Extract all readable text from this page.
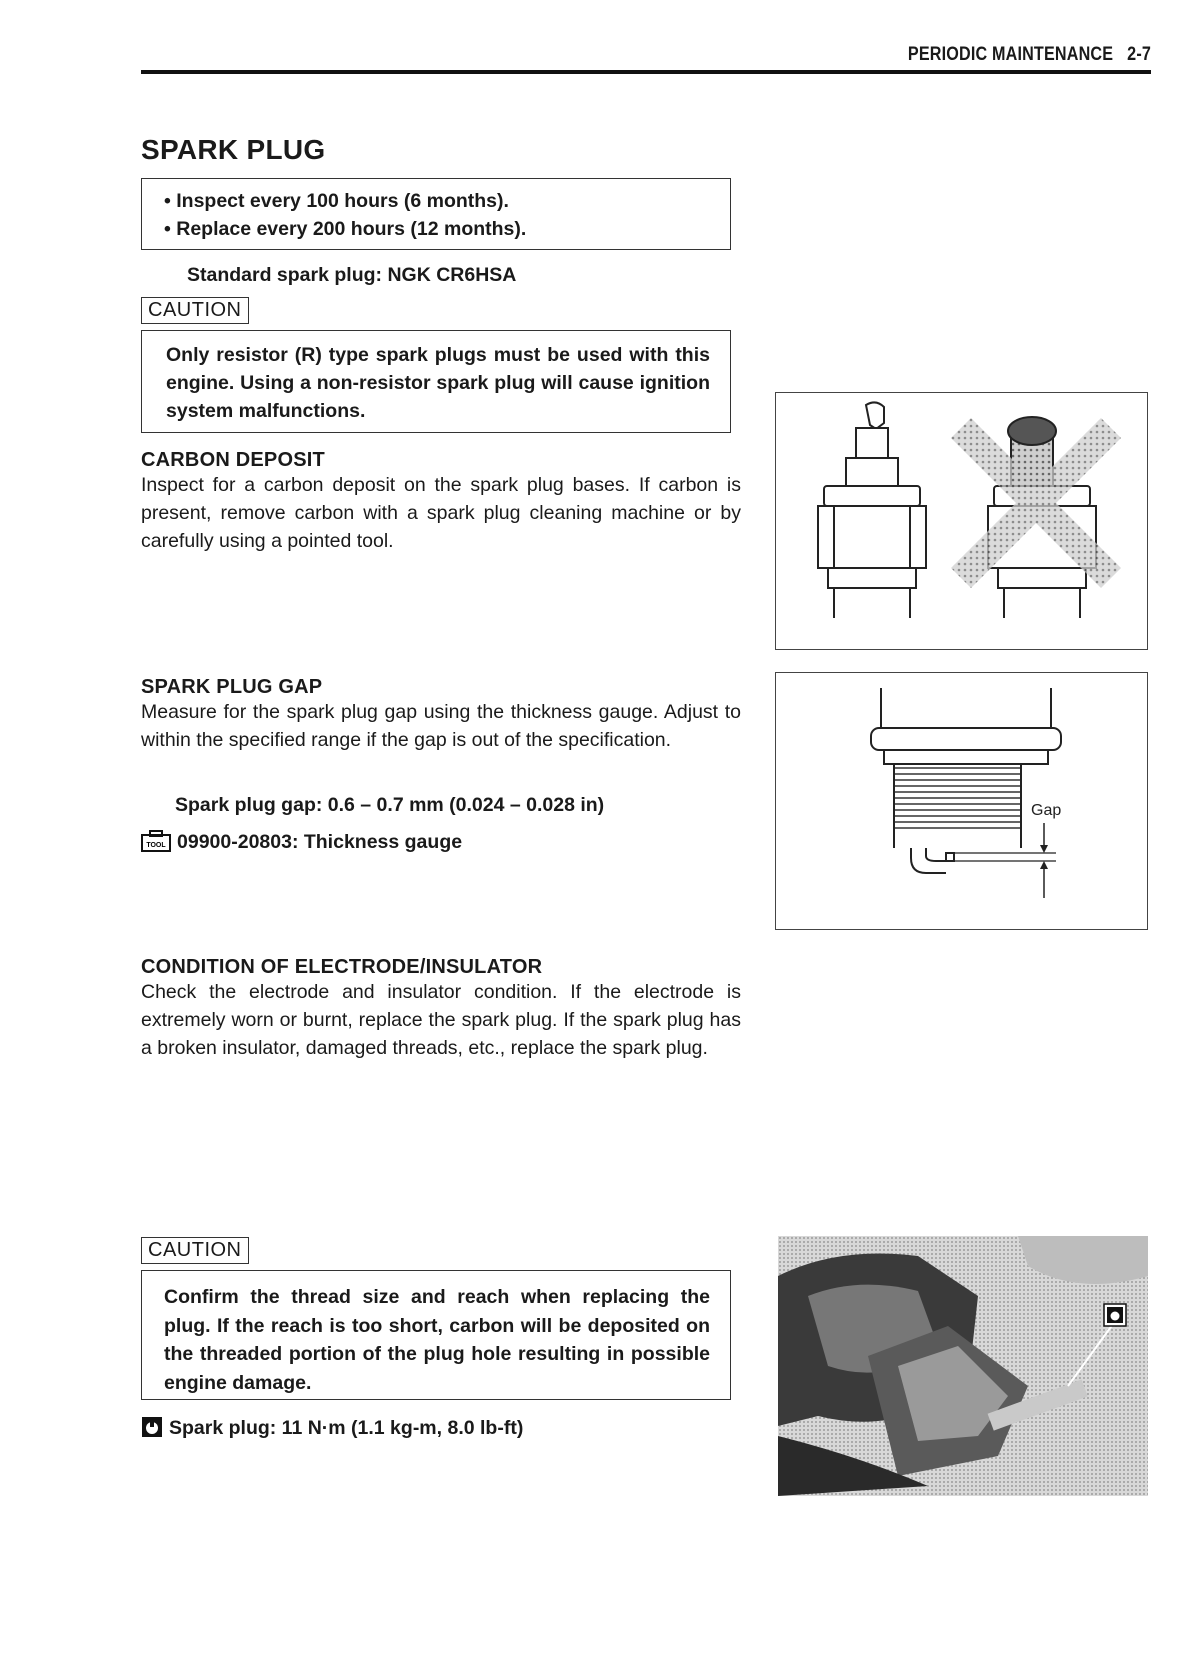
PERIODIC MAINTENANCE 2-7
SPARK PLUG
• Inspect every 100 hours (6 months).
• Replace every 200 hours (12 months).
Standard spark plug: NGK CR6HSA
CAUTION
Only resistor (R) type spark plugs must be used with this engine. Using a non-resistor spark plug will cause ignition system malfunctions.
CARBON DEPOSIT
Inspect for a carbon deposit on the spark plug bases. If carbon is present, remove carbon with a spark plug cleaning machine or by carefully using a pointed tool.
SPARK PLUG GAP
Measure for the spark plug gap using the thickness gauge. Adjust to within the specified range if the gap is out of the specification.
Spark plug gap: 0.6 – 0.7 mm (0.024 – 0.028 in)
TOOL 09900-20803: Thickness gauge
Gap
CONDITION OF ELECTRODE/INSULATOR
Check the electrode and insulator condition. If the electrode is extremely worn or burnt, replace the spark plug. If the spark plug has a broken insulator, damaged threads, etc., replace the spark plug.
CAUTION
Confirm the thread size and reach when replacing the plug. If the reach is too short, carbon will be deposited on the threaded portion of the plug hole resulting in possible engine damage.
Spark plug: 11 N·m (1.1 kg-m, 8.0 lb-ft)
